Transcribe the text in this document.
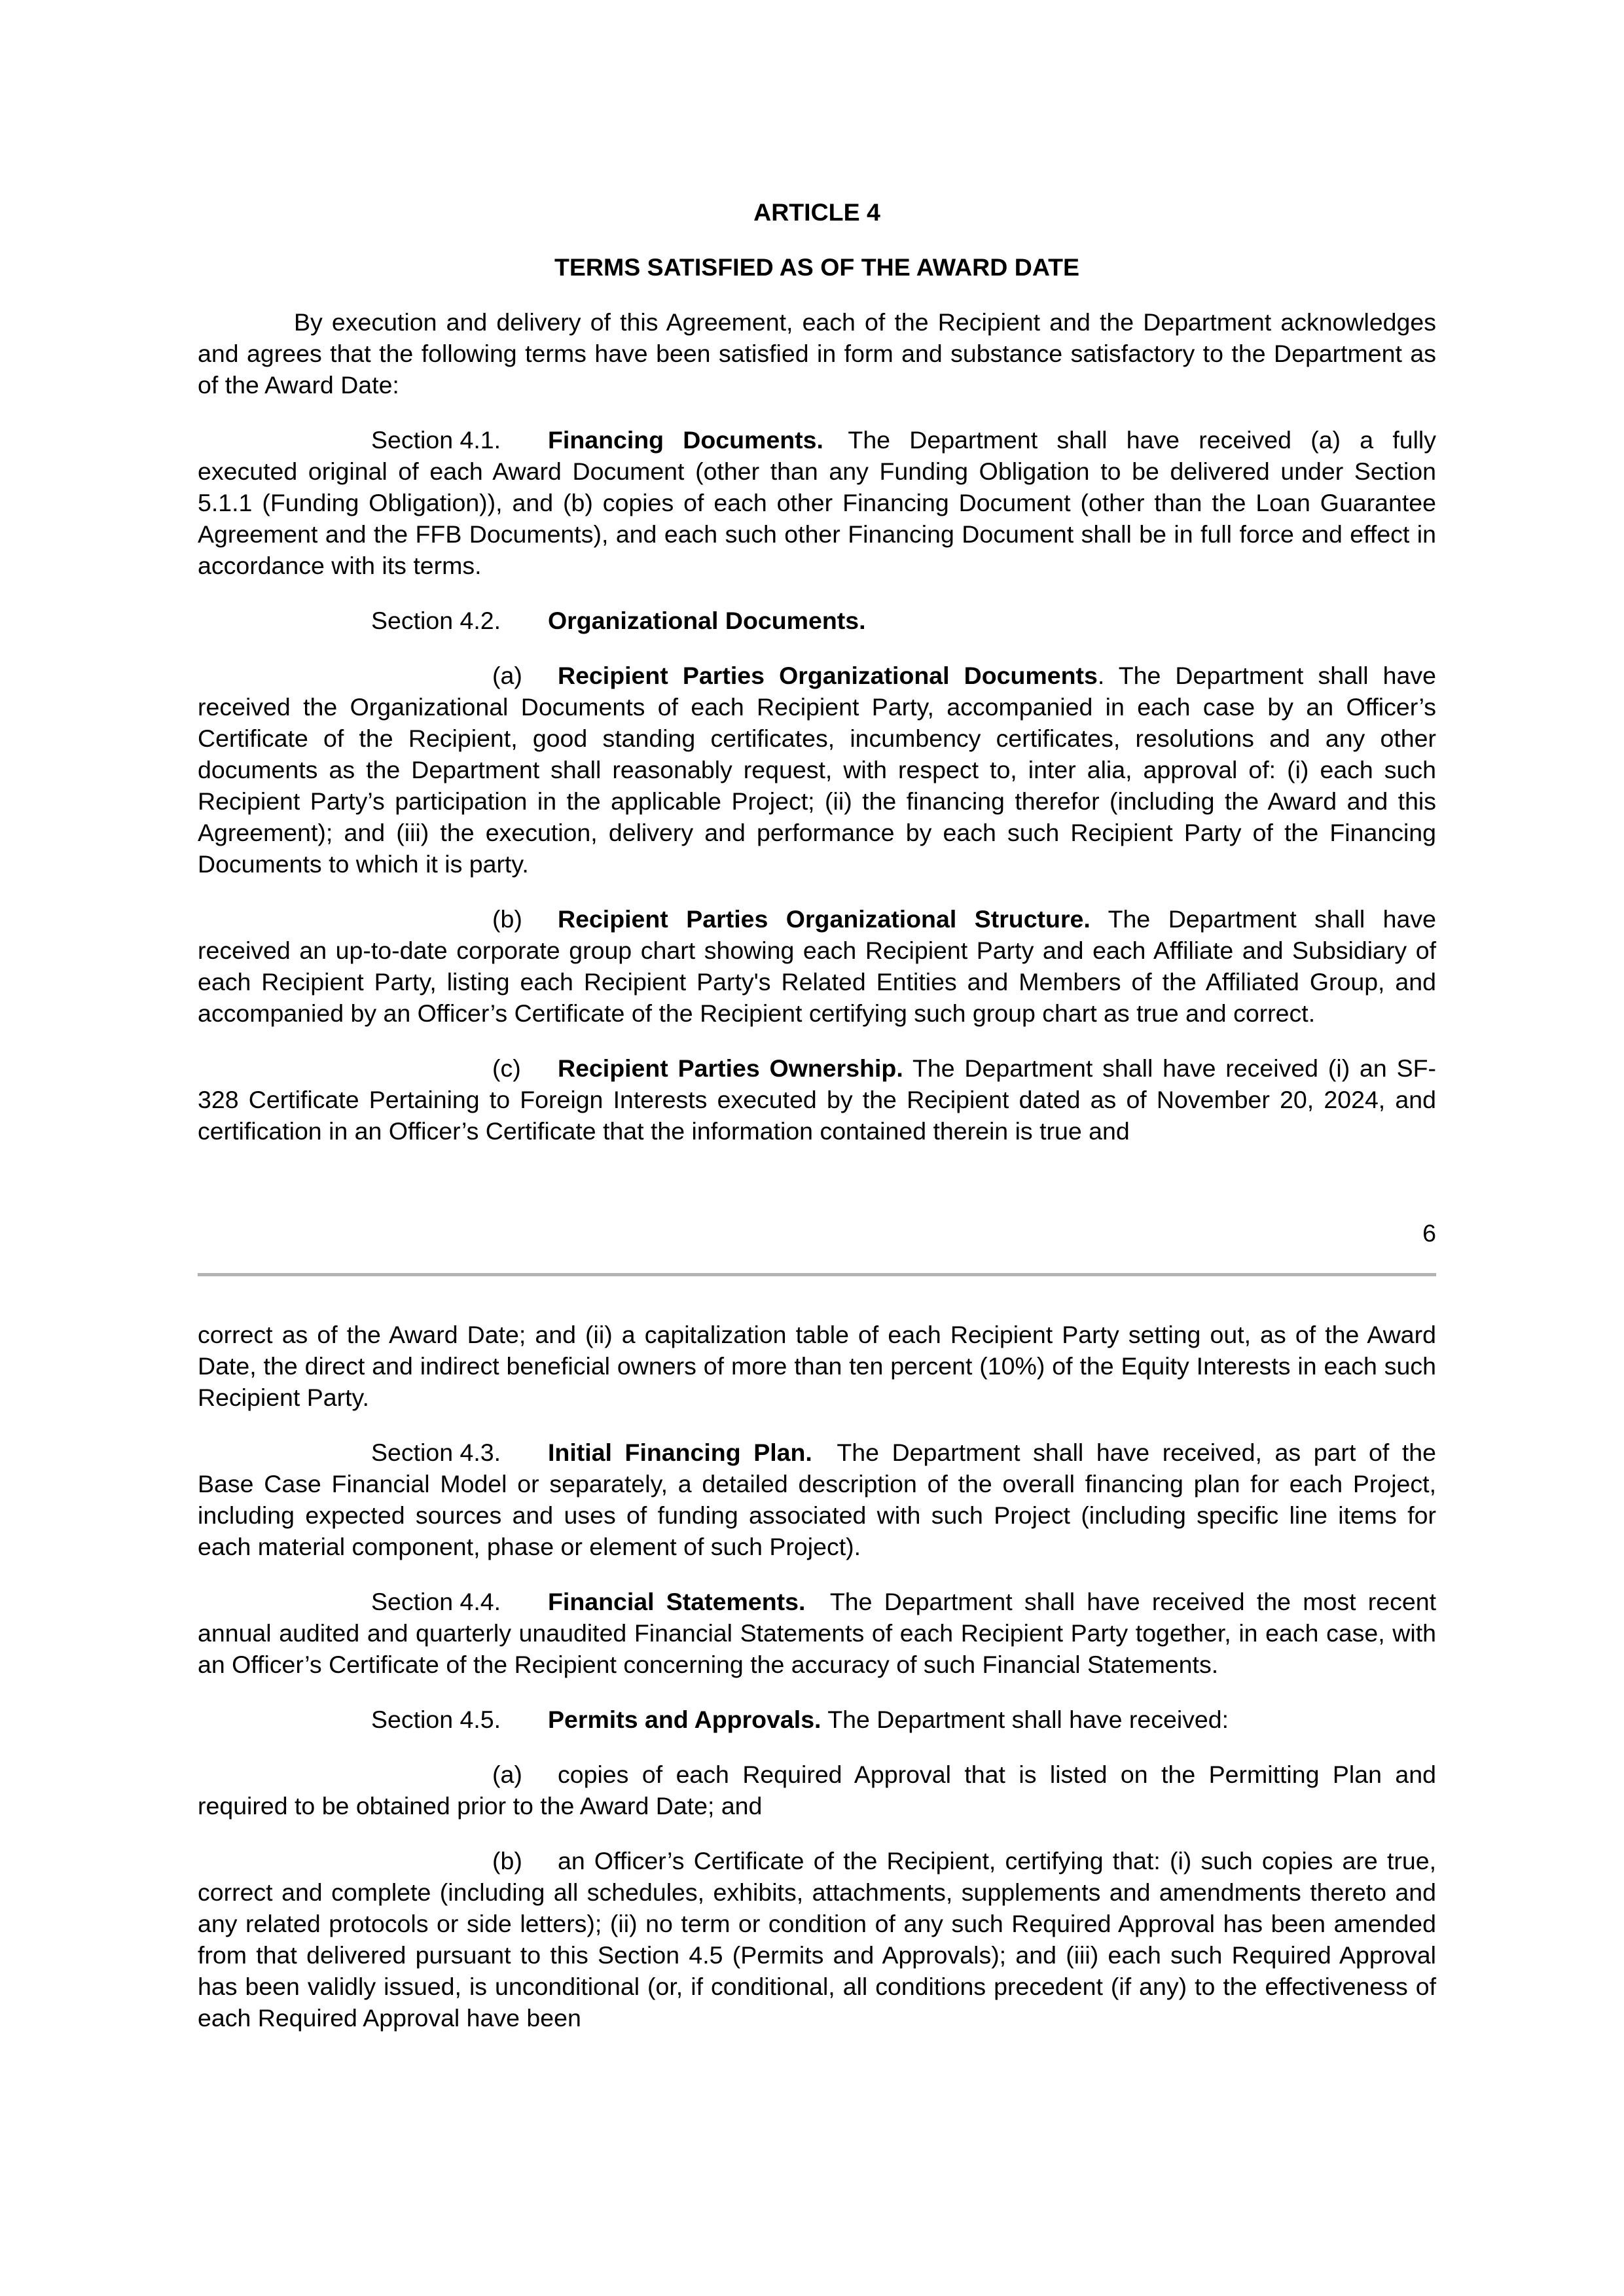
ARTICLE 4
TERMS SATISFIED AS OF THE AWARD DATE

By execution and delivery of this Agreement, each of the Recipient and the Department acknowledges and agrees that the following terms have been satisfied in form and substance satisfactory to the Department as of the Award Date:

Section 4.1. Financing Documents.  The Department shall have received (a) a fully executed original of each Award Document (other than any Funding Obligation to be delivered under Section 5.1.1 (Funding Obligation)), and (b) copies of each other Financing Document (other than the Loan Guarantee Agreement and the FFB Documents), and each such other Financing Document shall be in full force and effect in accordance with its terms.

Section 4.2. Organizational Documents.

(a) Recipient Parties Organizational Documents. The Department shall have received the Organizational Documents of each Recipient Party, accompanied in each case by an Officer’s Certificate of the Recipient, good standing certificates, incumbency certificates, resolutions and any other documents as the Department shall reasonably request, with respect to, inter alia, approval of: (i) each such Recipient Party’s participation in the applicable Project; (ii) the financing therefor (including the Award and this Agreement); and (iii) the execution, delivery and performance by each such Recipient Party of the Financing Documents to which it is party.

(b) Recipient Parties Organizational Structure. The Department shall have received an up-to-date corporate group chart showing each Recipient Party and each Affiliate and Subsidiary of each Recipient Party, listing each Recipient Party's Related Entities and Members of the Affiliated Group, and accompanied by an Officer’s Certificate of the Recipient certifying such group chart as true and correct.

(c) Recipient Parties Ownership. The Department shall have received (i) an SF-328 Certificate Pertaining to Foreign Interests executed by the Recipient dated as of November 20, 2024, and certification in an Officer’s Certificate that the information contained therein is true and

6

correct as of the Award Date; and (ii) a capitalization table of each Recipient Party setting out, as of the Award Date, the direct and indirect beneficial owners of more than ten percent (10%) of the Equity Interests in each such Recipient Party.

Section 4.3. Initial Financing Plan.  The Department shall have received, as part of the Base Case Financial Model or separately, a detailed description of the overall financing plan for each Project, including expected sources and uses of funding associated with such Project (including specific line items for each material component, phase or element of such Project).

Section 4.4. Financial Statements.  The Department shall have received the most recent annual audited and quarterly unaudited Financial Statements of each Recipient Party together, in each case, with an Officer’s Certificate of the Recipient concerning the accuracy of such Financial Statements.

Section 4.5. Permits and Approvals. The Department shall have received:

(a) copies of each Required Approval that is listed on the Permitting Plan and required to be obtained prior to the Award Date; and

(b) an Officer’s Certificate of the Recipient, certifying that: (i) such copies are true, correct and complete (including all schedules, exhibits, attachments, supplements and amendments thereto and any related protocols or side letters); (ii) no term or condition of any such Required Approval has been amended from that delivered pursuant to this Section 4.5 (Permits and Approvals); and (iii) each such Required Approval has been validly issued, is unconditional (or, if conditional, all conditions precedent (if any) to the effectiveness of each Required Approval have been
